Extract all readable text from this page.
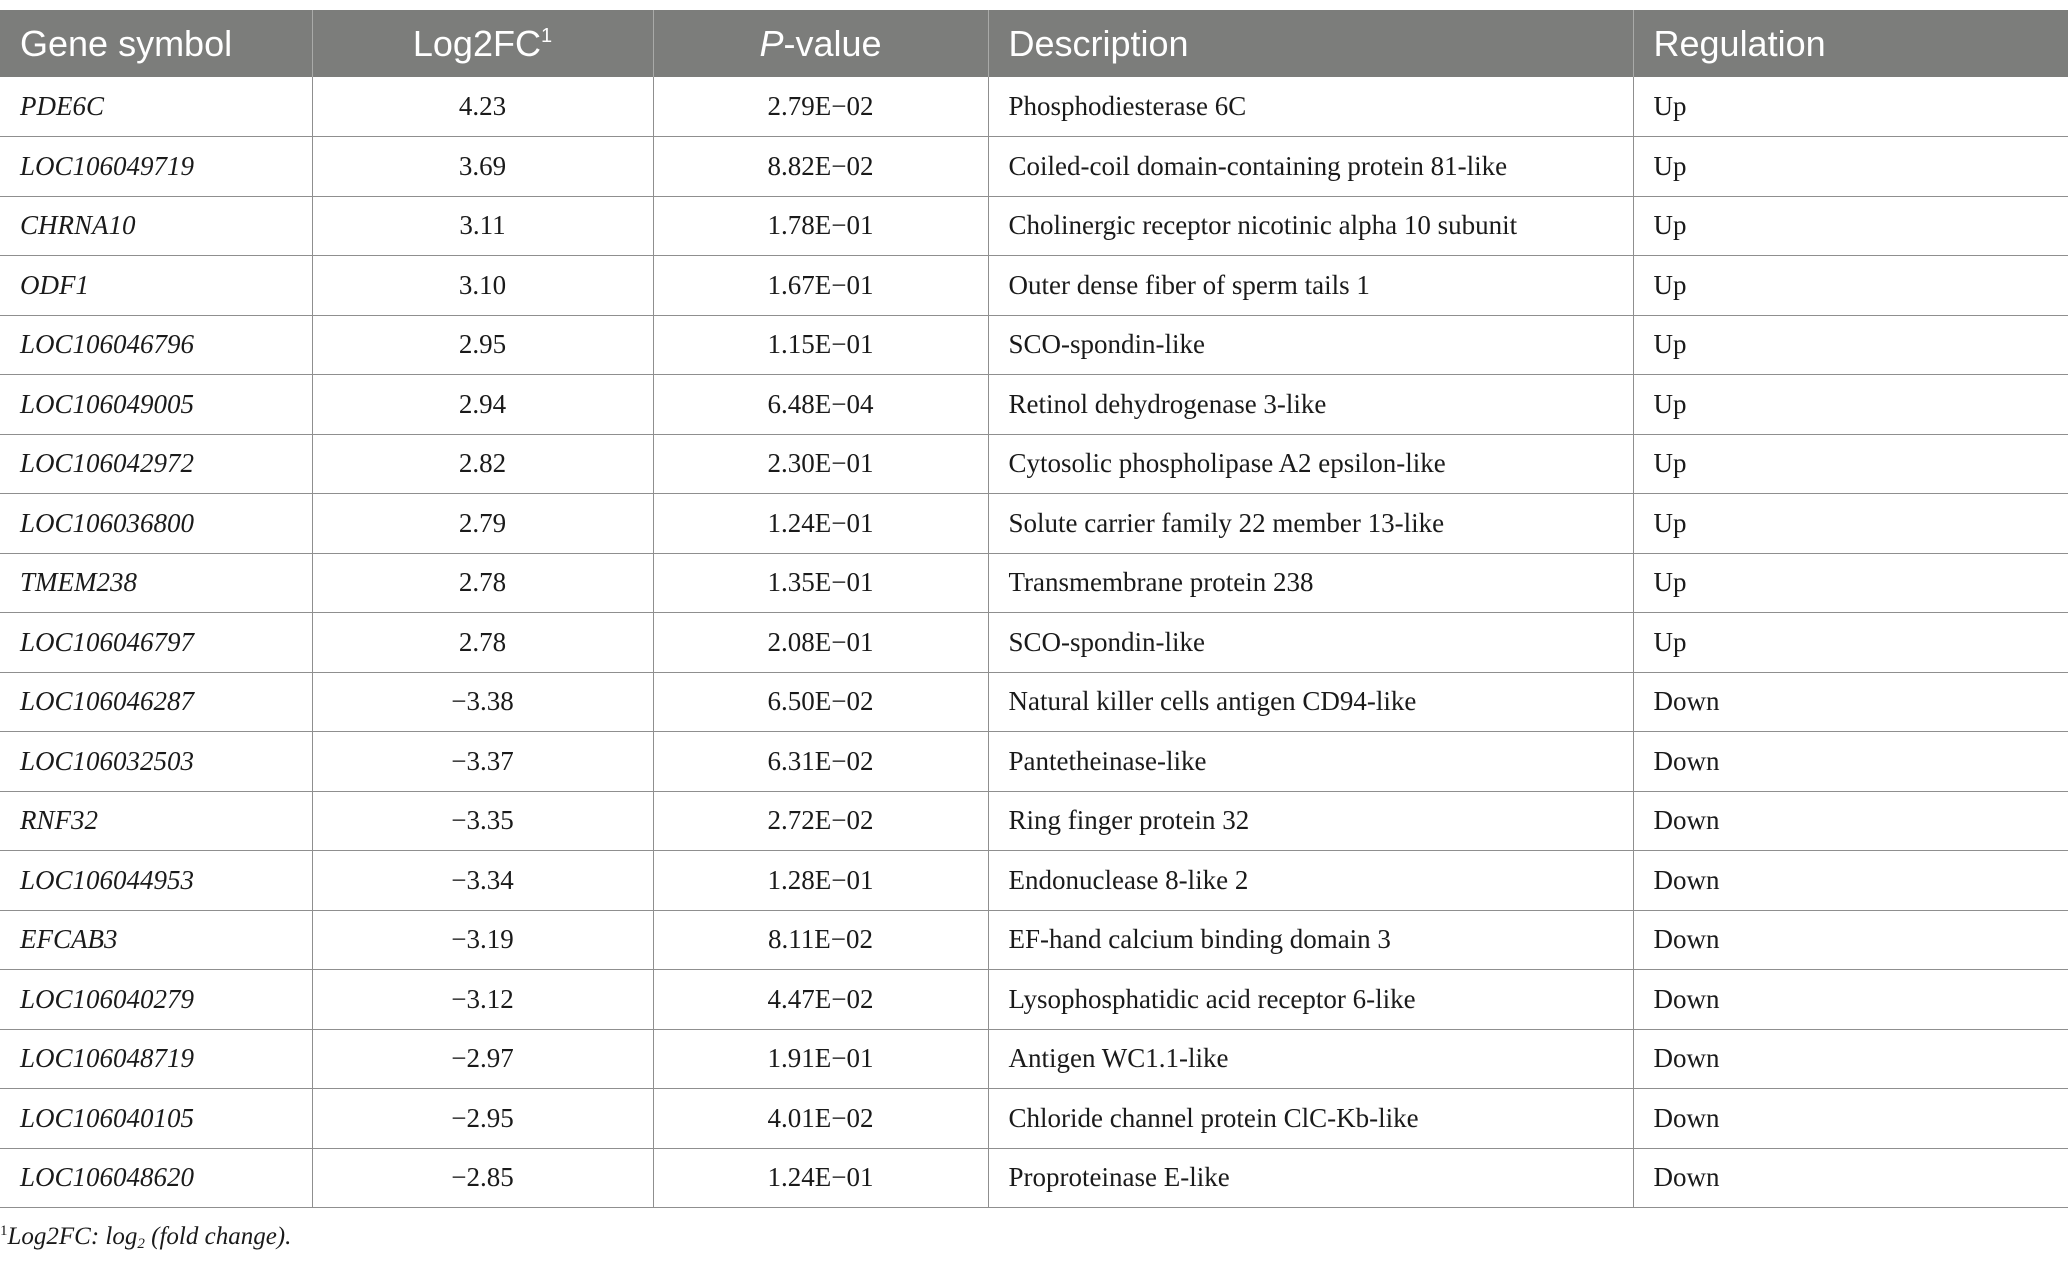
Gene symbol	$Log2FC^1$	P-value	Description	Regulation
PDE6C	4.23	2.79E−02	Phosphodiesterase 6C	Up
LOC106049719	3.69	8.82E−02	Coiled-coil domain-containing protein 81-like	Up
CHRNA10	3.11	1.78E−01	Cholinergic receptor nicotinic alpha 10 subunit	Up
ODF1	3.10	1.67E−01	Outer dense fiber of sperm tails 1	Up
LOC106046796	2.95	1.15E−01	SCO-spondin-like	Up
LOC106049005	2.94	6.48E−04	Retinol dehydrogenase 3-like	Up
LOC106042972	2.82	2.30E−01	Cytosolic phospholipase A2 epsilon-like	Up
LOC106036800	2.79	1.24E−01	Solute carrier family 22 member 13-like	Up
TMEM238	2.78	1.35E−01	Transmembrane protein 238	Up
LOC106046797	2.78	2.08E−01	SCO-spondin-like	Up
LOC106046287	−3.38	6.50E−02	Natural killer cells antigen CD94-like	Down
LOC106032503	−3.37	6.31E−02	Pantetheinase-like	Down
RNF32	−3.35	2.72E−02	Ring finger protein 32	Down
LOC106044953	−3.34	1.28E−01	Endonuclease 8-like 2	Down
EFCAB3	−3.19	8.11E−02	EF-hand calcium binding domain 3	Down
LOC106040279	−3.12	4.47E−02	Lysophosphatidic acid receptor 6-like	Down
LOC106048719	−2.97	1.91E−01	Antigen WC1.1-like	Down
LOC106040105	−2.95	4.01E−02	Chloride channel protein ClC-Kb-like	Down
LOC106048620	−2.85	1.24E−01	Proproteinase E-like	Down
$^1$Log2FC: $\log_2$ (fold change).
